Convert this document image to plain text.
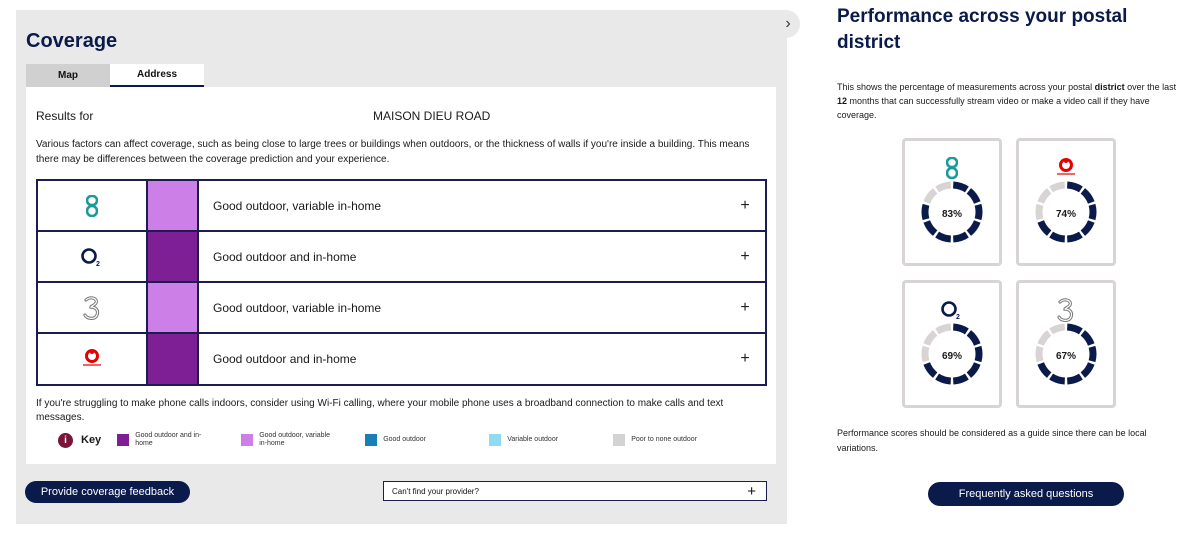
Coverage
Map	Address
Results for	MAISON DIEU ROAD
Various factors can affect coverage, such as being close to large trees or buildings when outdoors, or the thickness of walls if you're inside a building. This means there may be differences between the coverage prediction and your experience.
Good outdoor, variable in-home	+
2
Good outdoor and in-home	+
Good outdoor, variable in-home	+
Good outdoor and in-home	+
If you're struggling to make phone calls indoors, consider using Wi-Fi calling, where your mobile phone uses a broadband connection to make calls and text messages.
i	Key	Good outdoor and in-home
Good outdoor, variable in-home
Good outdoor	Variable outdoor	Poor to none outdoor
Provide coverage feedback	Can't find your provider?	+
› Performance across your postal district
This shows the percentage of measurements across your postal district over the last 12 months that can successfully stream video or make a video call if they have coverage.
83%	74%
2
69%	67%
Performance scores should be considered as a guide since there can be local variations.
Frequently asked questions
